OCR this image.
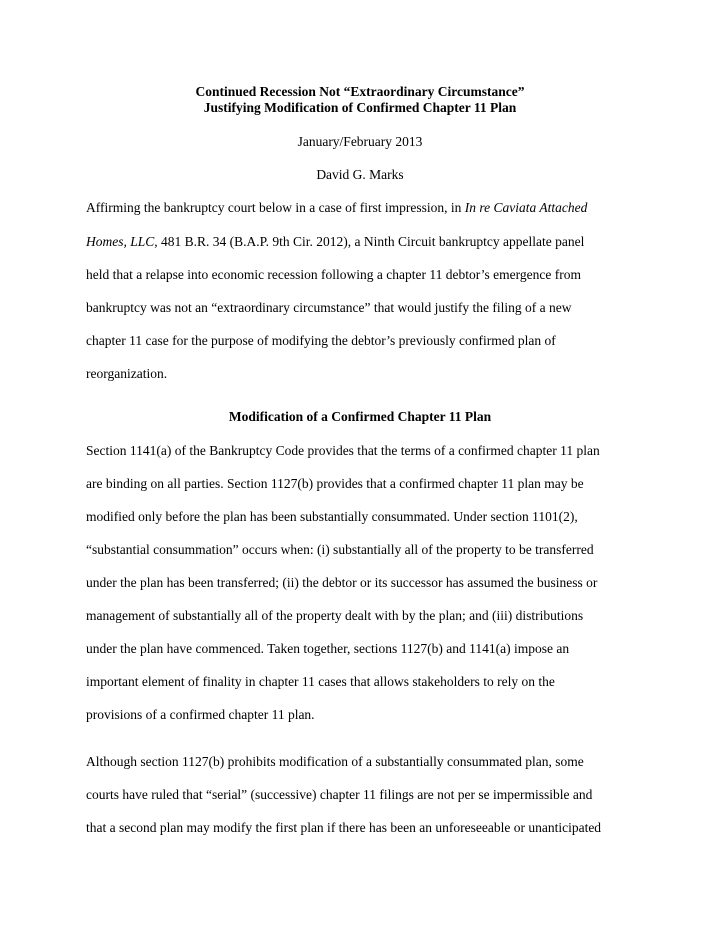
Continued Recession Not “Extraordinary Circumstance”

Justifying Modification of Confirmed Chapter 11 Plan

January/February 2013

David G. Marks

Affirming the bankruptcy court below in a case of first impression, in In re Caviata Attached

Homes, LLC, 481 B.R. 34 (B.A.P. 9th Cir. 2012), a Ninth Circuit bankruptcy appellate panel

held that a relapse into economic recession following a chapter 11 debtor’s emergence from

bankruptcy was not an “extraordinary circumstance” that would justify the filing of a new

chapter 11 case for the purpose of modifying the debtor’s previously confirmed plan of

reorganization.

Modification of a Confirmed Chapter 11 Plan

Section 1141(a) of the Bankruptcy Code provides that the terms of a confirmed chapter 11 plan

are binding on all parties. Section 1127(b) provides that a confirmed chapter 11 plan may be

modified only before the plan has been substantially consummated. Under section 1101(2),

“substantial consummation” occurs when: (i) substantially all of the property to be transferred

under the plan has been transferred; (ii) the debtor or its successor has assumed the business or

management of substantially all of the property dealt with by the plan; and (iii) distributions

under the plan have commenced. Taken together, sections 1127(b) and 1141(a) impose an

important element of finality in chapter 11 cases that allows stakeholders to rely on the

provisions of a confirmed chapter 11 plan.

Although section 1127(b) prohibits modification of a substantially consummated plan, some

courts have ruled that “serial” (successive) chapter 11 filings are not per se impermissible and

that a second plan may modify the first plan if there has been an unforeseeable or unanticipated
